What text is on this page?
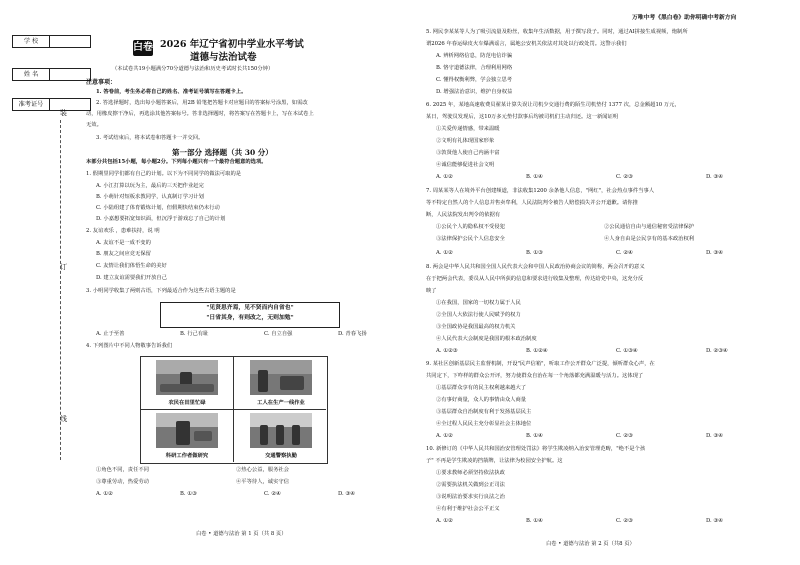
学 校
姓 名
准考证号
装
订
线
白卷 2026 年辽宁省初中学业水平考试
道德与法治试卷
（本试卷共19小题满分70分道德与法治和历史考试时长共150分钟）
注意事项：
1. 答卷前，考生务必将自己的姓名、准考证号填写在答题卡上。
2. 答选择题时，选出每小题答案后，用2B 铅笔把答题卡对应题目的答案标号涂黑，如需改
动，用橡皮擦干净后，再选涂其他答案标号。答非选择题时，将答案写在答题卡上，写在本试卷上
无效。
3. 考试结束后，将本试卷和答题卡一并交回。
第一部分 选择题（共 30 分）
本部分共包括15小题，每小题2分。下列每小题只有一个最符合题意的选项。
1. 假期里同学们都有自己的计划。以下为不同同学的做法可取的是
A. 小江打算以玩为主，最后的三天把作业赶完
B. 小萌针对短板求教同学，认真制订学习计划
C. 小陆组建了体育锻炼计划，但假期快结束仍未行动
D. 小嘉想要拓宽知识面，但沉浮于游戏忘了自己的计划
2. 友谊欢乐 ，患难扶持，说 明
A. 友谊不是一成不变的
B. 朋友之间应竞无保留
C. 友情让我们体悟生命的美好
D. 建立友谊需要我们开放自己
3. 小明同学收集了两则古语，下列最适合作为这些古语主题的是
"见贤思齐焉，见不贤而内自省也"
"日省其身，有则改之，无则加勉"
A. 止于至善	B. 行己有耻	C. 自立自强	D. 青春飞扬
4. 下列图片中不同人物敬事告诉我们
农民在田里忙碌	工人在生产一线作业
科研工作者做研究	交通警察执勤
①角色不同，责任不同	②热心公益，服务社会
③尊重劳动，热爱劳动	④平等待人，诚实守信
A. ①②	B. ①③	C. ②④	D. ③④
白卷 • 道德与法治 第 1 页（共 8 页）
万唯中考《黑白卷》助你明确中考新方向
5. 网民李某某等人为了吸引流量及粉丝，收集年生活数据，用于撰写段子。同时，通过AI拼接生成视频，炮制所
谓2026 年春运绿皮火车爆满谣言，属地公安机关依法对其处以行政处罚。这警示我们
A. 辨析网络信息，防范电信诈骗
B. 恪守道德法律，合理利用网络
C. 懂得权衡利弊，学会独立思考
D. 增强法治意识，维护自身权益
6. 2025 年，某地高速收费员翟某计算失误让司机少交通行费的陌生司机垫付 1377 次，总金额超10 万元，
某日，驾驶员发现后，这10万多元垫付款事后均被司机们主动归还。这一新闻证明
①关爱传递情感，带来温暖
②文明有礼体现国家形象
③敦贤他人使自己内涵丰富
④诚信能够促进社会文明
A. ①②	B. ①④	C. ②③	D. ③④
7. 周某某等人在境外平台创建频道，非法收集1200 余条他人信息，"网红"，社会热点事件当事人
等不特定自然人的个人信息并售卖牟利，人民法院判令被告人赔偿损失并公开道歉。请你推
断，人民法院发出判令的依据有
①公民个人的隐私权不受侵犯	②公民通信自由与通信秘密受法律保护
③法律保护公民个人信息安全	④人身自由是公民享有的基本政治权利
A. ①②	B. ①③	C. ②④	D. ③④
8. 两会是中华人民共和国全国人民代表大会和中国人民政治协商会议的简称，两会召开的意义
在于把两会代表，委员从人民中所获的信息和要求进行收集及整理，传达给党中央，这充分反
映了
①在我国，国家的一切权力属于人民
②全国人大依法行使人民赋予的权力
③全国政协是我国最高的权力机关
④人民代表大会制度是我国的根本政治制度
A. ①②③	B. ①②④	C. ①③④	D. ②③④
9. 某社区创新基层民主监督机制，开设"民声信箱"，听取工作公开群众广泛提，倾听群众心声，在
共同定下，下咋样的群众公开评，努力使群众自治在每一个角落都充满温暖与活力。这体现了
①基层群众享有的民主权利越来越大了
②有事好商量，众人的事情由众人商量
③基层群众自治制度有利于发扬基层民主
④全过程人民民主充分彰显社会主体地位
A. ①②	B. ①④	C. ②③	D. ③④
10. 新修订的《中华人民共和国治安管理处罚法》将学生欺凌纳入治安管理范畴，"绝不是个孩
子" 不再是学生欺凌的挡箭牌，让法律为校园安全护航。这
①要求教师必须坚持依法执政
②需要执法机关做到公正司法
③说明法治要求实行良法之治
④有利于维护社会公平正义
A. ①②	B. ①④	C. ②③	D. ③④
白卷 • 道德与法治 第 2 页（共8 页）
